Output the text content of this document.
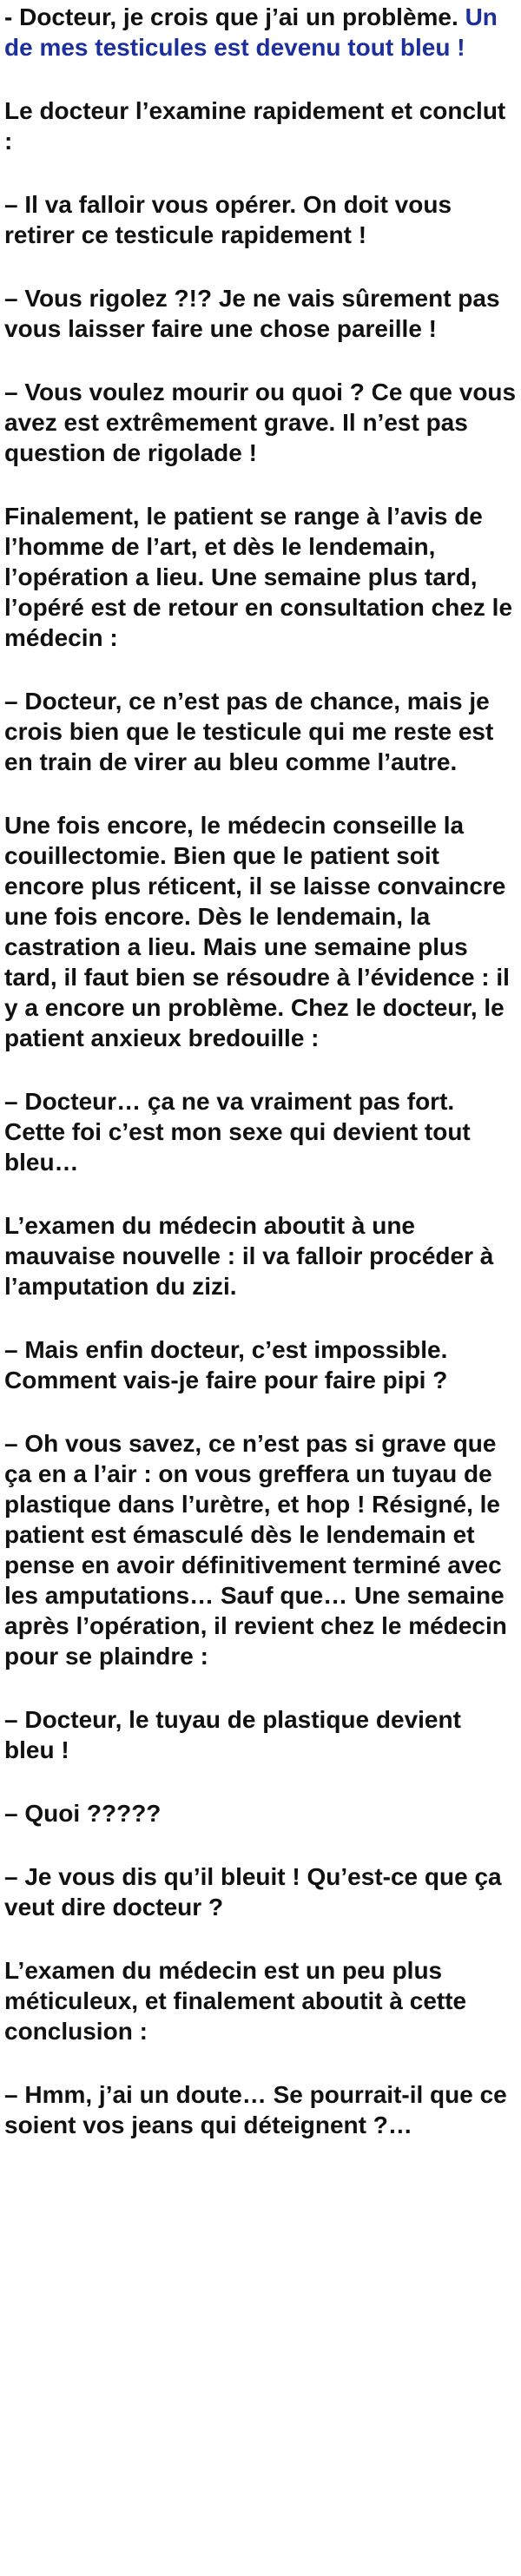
- Docteur, je crois que j’ai un problème. Un de mes testicules est devenu tout bleu !

Le docteur l’examine rapidement et conclut :

– Il va falloir vous opérer. On doit vous retirer ce testicule rapidement !

– Vous rigolez ?!? Je ne vais sûrement pas vous laisser faire une chose pareille !

– Vous voulez mourir ou quoi ? Ce que vous avez est extrêmement grave. Il n’est pas question de rigolade !

Finalement, le patient se range à l’avis de l’homme de l’art, et dès le lendemain, l’opération a lieu. Une semaine plus tard, l’opéré est de retour en consultation chez le médecin :

– Docteur, ce n’est pas de chance, mais je crois bien que le testicule qui me reste est en train de virer au bleu comme l’autre.

Une fois encore, le médecin conseille la couillectomie. Bien que le patient soit encore plus réticent, il se laisse convaincre une fois encore. Dès le lendemain, la castration a lieu. Mais une semaine plus tard, il faut bien se résoudre à l’évidence : il y a encore un problème. Chez le docteur, le patient anxieux bredouille :

– Docteur… ça ne va vraiment pas fort. Cette foi c’est mon sexe qui devient tout bleu…

L’examen du médecin aboutit à une mauvaise nouvelle : il va falloir procéder à l’amputation du zizi.

– Mais enfin docteur, c’est impossible. Comment vais-je faire pour faire pipi ?

– Oh vous savez, ce n’est pas si grave que ça en a l’air : on vous greffera un tuyau de plastique dans l’urètre, et hop ! Résigné, le patient est émasculé dès le lendemain et pense en avoir définitivement terminé avec les amputations… Sauf que… Une semaine après l’opération, il revient chez le médecin pour se plaindre :

– Docteur, le tuyau de plastique devient bleu !

– Quoi ?????

– Je vous dis qu’il bleuit ! Qu’est-ce que ça veut dire docteur ?

L’examen du médecin est un peu plus méticuleux, et finalement aboutit à cette conclusion :

– Hmm, j’ai un doute… Se pourrait-il que ce soient vos jeans qui déteignent ?…
